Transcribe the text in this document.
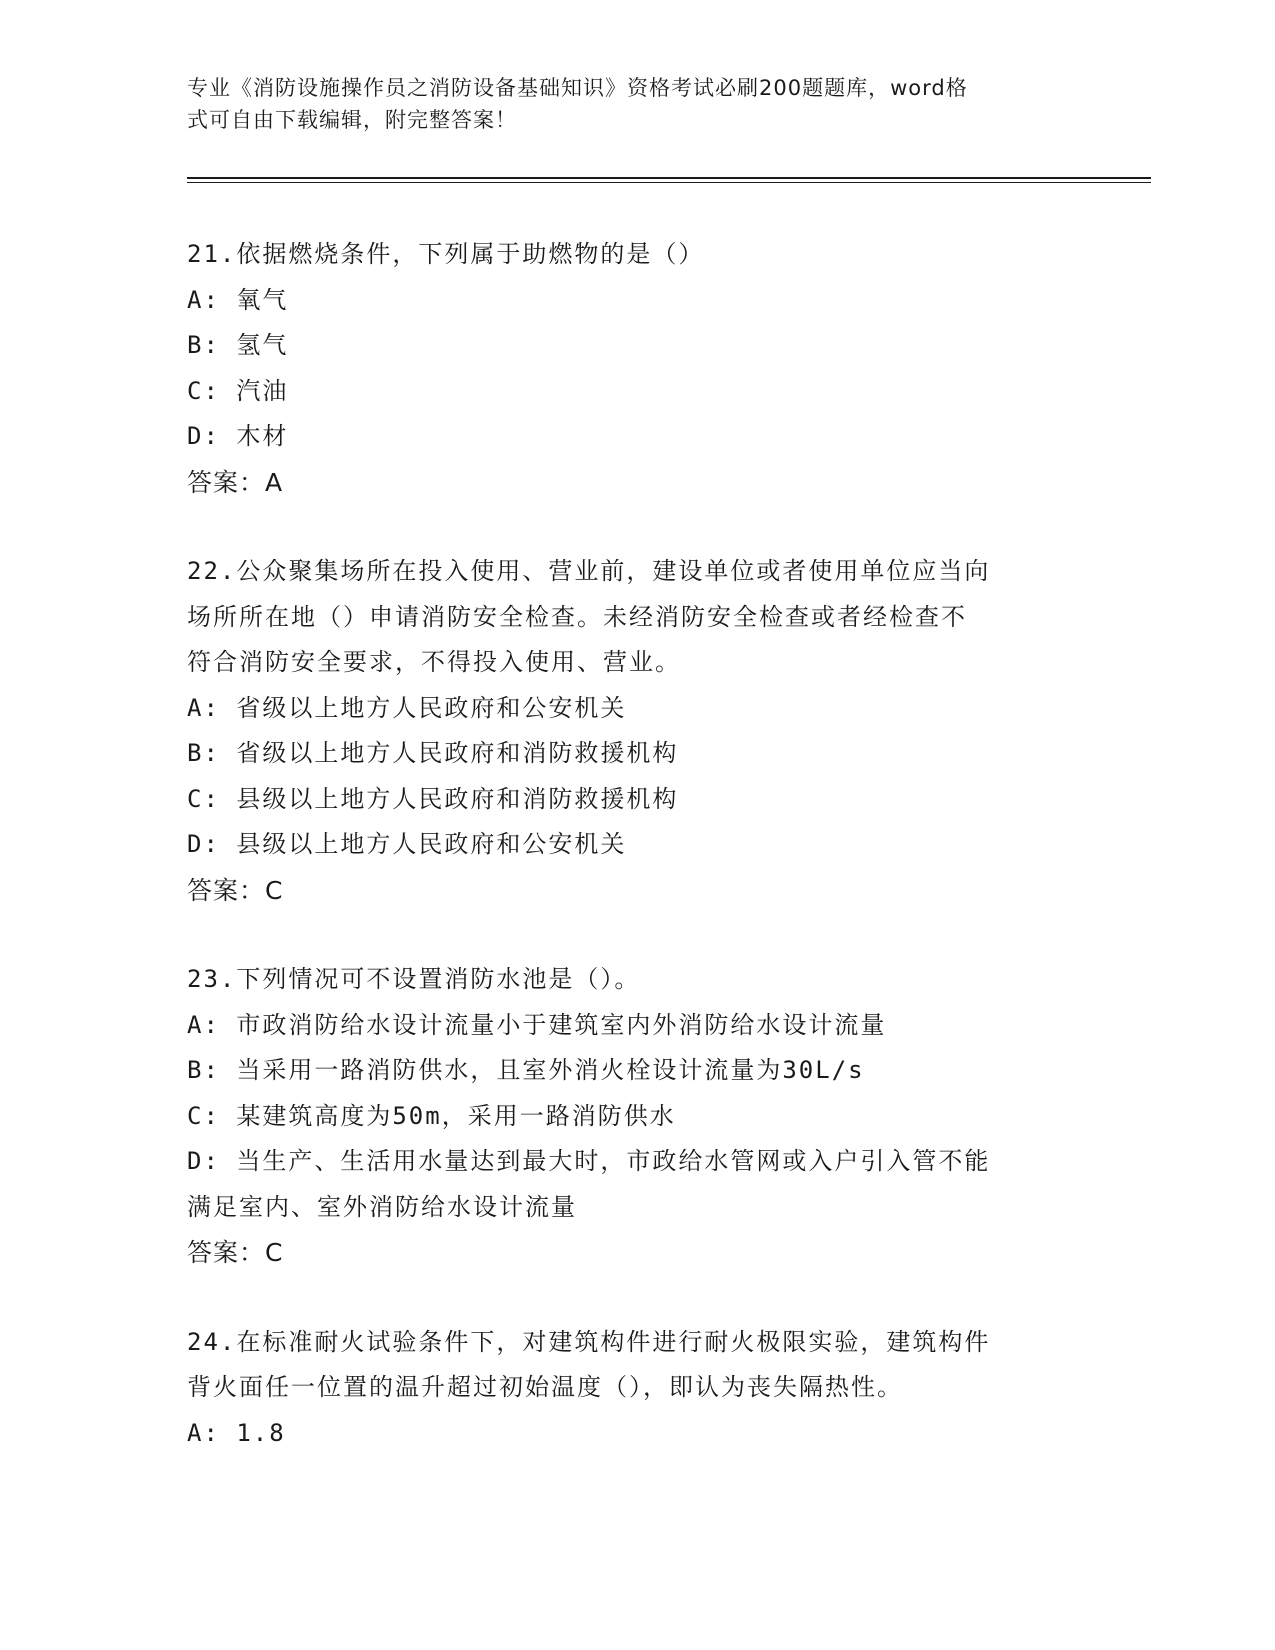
专业《消防设施操作员之消防设备基础知识》资格考试必刷200题题库，word格
式可自由下载编辑，附完整答案！
21.依据燃烧条件，下列属于助燃物的是（）
A: 氧气
B: 氢气
C: 汽油
D: 木材
答案：A
22.公众聚集场所在投入使用、营业前，建设单位或者使用单位应当向
场所所在地（）申请消防安全检查。未经消防安全检查或者经检查不
符合消防安全要求，不得投入使用、营业。
A: 省级以上地方人民政府和公安机关
B: 省级以上地方人民政府和消防救援机构
C: 县级以上地方人民政府和消防救援机构
D: 县级以上地方人民政府和公安机关
答案：C
23.下列情况可不设置消防水池是（）。
A: 市政消防给水设计流量小于建筑室内外消防给水设计流量
B: 当采用一路消防供水，且室外消火栓设计流量为30L/s
C: 某建筑高度为50m，采用一路消防供水
D: 当生产、生活用水量达到最大时，市政给水管网或入户引入管不能
满足室内、室外消防给水设计流量
答案：C
24.在标准耐火试验条件下，对建筑构件进行耐火极限实验，建筑构件
背火面任一位置的温升超过初始温度（），即认为丧失隔热性。
A: 1.8
